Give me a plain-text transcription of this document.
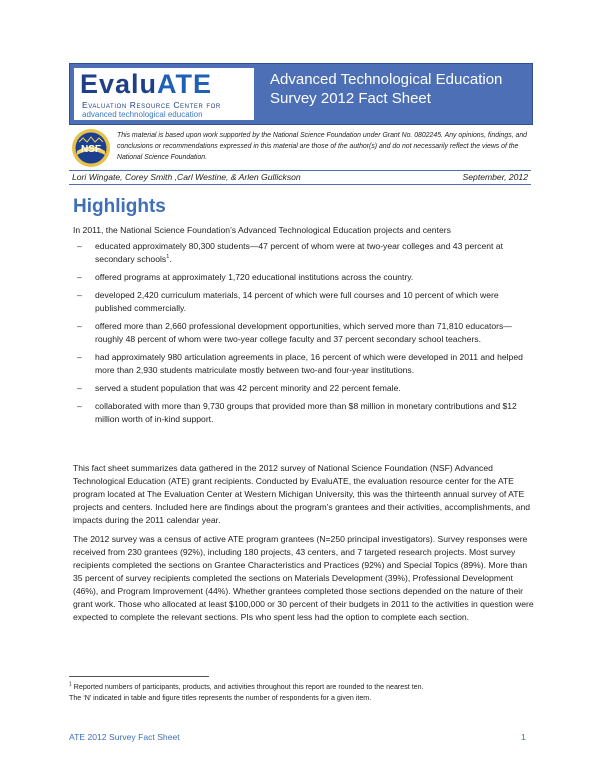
EvaluATE
Evaluation Resource Center for
advanced technological education
Advanced Technological Education
Survey 2012 Fact Sheet
NSF
This material is based upon work supported by the National Science Foundation under Grant No. 0802245. Any opinions, findings, and conclusions or recommendations expressed in this material are those of the author(s) and do not necessarily reflect the views of the National Science Foundation.
Lori Wingate, Corey Smith ,Carl Westine, & Arlen Gullickson	September, 2012
Highlights
In 2011, the National Science Foundation’s Advanced Technological Education projects and centers
– educated approximately 80,300 students—47 percent of whom were at two-year colleges and 43 percent at secondary schools$^1$.
– offered programs at approximately 1,720 educational institutions across the country.
– developed 2,420 curriculum materials, 14 percent of which were full courses and 10 percent of which were published commercially.
– offered more than 2,660 professional development opportunities, which served more than 71,810 educators—roughly 48 percent of whom were two-year college faculty and 37 percent secondary school teachers.
– had approximately 980 articulation agreements in place, 16 percent of which were developed in 2011 and helped more than 2,930 students matriculate mostly between two-and four-year institutions.
– served a student population that was 42 percent minority and 22 percent female.
– collaborated with more than 9,730 groups that provided more than $8 million in monetary contributions and $12 million worth of in-kind support.

This fact sheet summarizes data gathered in the 2012 survey of National Science Foundation (NSF) Advanced Technological Education (ATE) grant recipients. Conducted by EvaluATE, the evaluation resource center for the ATE program located at The Evaluation Center at Western Michigan University, this was the thirteenth annual survey of ATE projects and centers. Included here are findings about the program’s grantees and their activities, accomplishments, and impacts during the 2011 calendar year.

The 2012 survey was a census of active ATE program grantees (N=250 principal investigators). Survey responses were received from 230 grantees (92%), including 180 projects, 43 centers, and 7 targeted research projects. Most survey recipients completed the sections on Grantee Characteristics and Practices (92%) and Special Topics (89%). More than 35 percent of survey recipients completed the sections on Materials Development (39%), Professional Development (46%), and Program Improvement (44%). Whether grantees completed those sections depended on the nature of their grant work. Those who allocated at least $100,000 or 30 percent of their budgets in 2011 to the activities in question were expected to complete the relevant sections. PIs who spent less had the option to complete each section.

$^1$ Reported numbers of participants, products, and activities throughout this report are rounded to the nearest ten.
The ‘N’ indicated in table and figure titles represents the number of respondents for a given item.
ATE 2012 Survey Fact Sheet	1
